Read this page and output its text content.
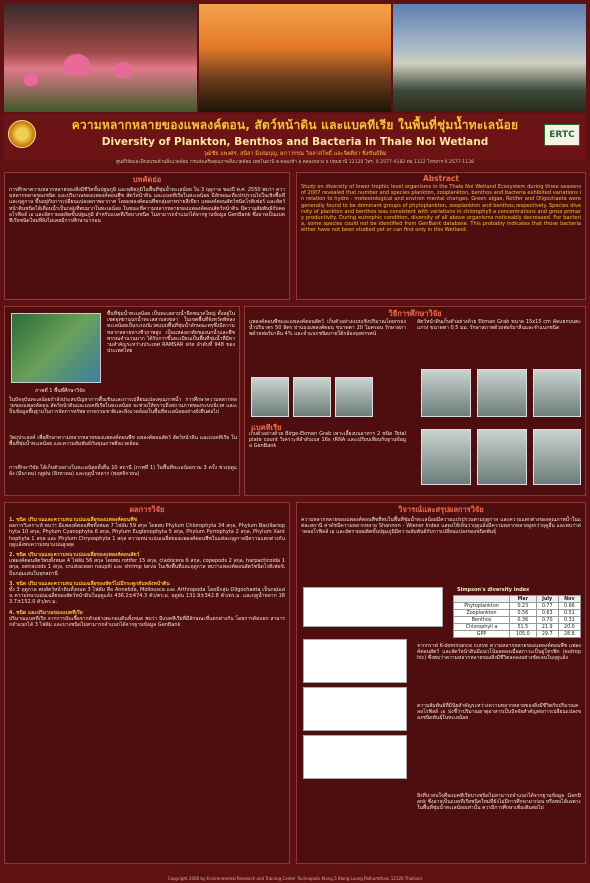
ERTC
ความหลากหลายของแพลงค์ตอน, สัตว์หน้าดิน และแบคทีเรีย ในพื้นที่ชุ่มน้ำทะเลน้อย
Diversity of Plankton, Benthos and Bacteria in Thale Noi Wetland
วุฒิชัย แพงศร, สุนิสา มิ่งสมบุญ, ผกาวรรณ วิลลาสโพธิ์ และจิตติยา ชิ่งขันธ์พิม
ศูนย์วิจัยและฝึกอบรมด้านสิ่งแวดล้อม กรมส่งเสริมคุณภาพสิ่งแวดล้อม เทคโนธานี ต.คลองห้า อ.คลองหลวง จ.ปทุมธานี 12120 โทร. 0-2577-4182 ต่อ 1122 โทรสาร 0-2577-1138
บทคัดย่อ
การศึกษาความหลากหลายของสิ่งมีชีวิตขั้นปฐมภูมิ และทุติยภูมิในพื้นที่ชุ่มน้ำทะเลน้อย ใน 3 ฤดูกาล ของปี พ.ศ. 2550 พบว่า ความหลากหลายของชนิด และปริมาณของแพลงค์ตอนพืช สัตว์หน้าดิน และแบคทีเรียในทะเลน้อย มีลักษณะที่แปรปรวนไปในเชิงพื้นที่และฤดูกาล ขึ้นอยู่กับการเปลี่ยนแปลงสภาพอากาศ โดยแพลงค์ตอนพืชกลุ่มสาหร่ายสีเขียว แพลงค์ตอนสัตว์ชนิดโรติเฟอร์ และสัตว์หน้าดินชนิดไส้เดือนน้ำเป็นกลุ่มที่พบมากในทะเลน้อย ในขณะที่ความหลากหลายของแพลงค์ตอนสัตว์หน้าดิน มีความสัมพันธ์กับคลอโรฟิลล์ เอ และอัตราผลผลิตขั้นปฐมภูมิ สำหรับแบคทีเรียบางชนิด ไม่สามารถจำแนกได้จากฐานข้อมูล GenBank ซึ่งอาจเป็นแบคทีเรียชนิดใหม่ที่ยังไม่เคยมีการศึกษามาก่อน
Abstract
Study on diversity of lower trophic level organisms in the Thale Noi Wetland Ecosystem during three seasons of 2007 revealed that number and species plankton, zooplankton, benthos and bacteria exhibited variations in relation to hydro - meteorological and environ mental changes. Green algae, Rotifer and Oligochaeta were generally found to be dominant groups of phytoplankton, zooplankton and benthos,respectively. Species diversity of plankton and benthos was consistent with variations in chlorophyll a concentrations and gross primary productivity. During eutrophic condition, diversity of all above organisms noticeably decreased. For bacteria, some species could not be identified from GenBank database. This probably indicates that those bacteria either have not been studied yet or can find only in this Wetland.
พื้นที่ชุ่มน้ำทะเลน้อย เป็นทะเลสาบน้ำจืดขนาดใหญ่ ตั้งอยู่ในเขตอุทยานนกน้ำทะเลสาบสงขลา ในเขตพื้นที่จังหวัดพัทลุง ทะเลน้อยเป็นระบบนิเวศแบบพื้นที่ชุ่มน้ำลักษณะพรุซึ่งมีความหลากหลายทางชีวภาพสูง เป็นแหล่งอาศัยของนกน้ำและพืชพรรณจำนวนมาก ได้รับการขึ้นทะเบียนเป็นพื้นที่ชุ่มน้ำที่มีความสำคัญระหว่างประเทศ RAMSAR site ลำดับที่ 948 ของประเทศไทย
ภาพที่ 1 พื้นที่ศึกษาวิจัย
ในปัจจุบันทะเลน้อยกำลังประสบปัญหาการตื้นเขินและการเปลี่ยนแปลงคุณภาพน้ำ การศึกษาความหลากหลายของแพลงค์ตอน สัตว์หน้าดินและแบคทีเรียในทะเลน้อย จะช่วยให้ทราบถึงสถานภาพของระบบนิเวศ และเป็นข้อมูลพื้นฐานในการจัดการทรัพยากรธรรมชาติและสิ่งแวดล้อมในพื้นที่ทะเลน้อยอย่างยั่งยืนต่อไป
วัตถุประสงค์ เพื่อศึกษาความหลากหลายของแพลงค์ตอนพืช แพลงค์ตอนสัตว์ สัตว์หน้าดิน และแบคทีเรีย ในพื้นที่ชุ่มน้ำทะเลน้อย และความสัมพันธ์กับคุณภาพสิ่งแวดล้อม
การศึกษาวิจัย ได้เก็บตัวอย่างในทะเลน้อยทั้งสิ้น 10 สถานี (ภาพที่ 1) ในพื้นที่ทะเลน้อยรวม 3 ครั้ง ช่วงฤดูแล้ง (มีนาคม) ฤดูฝน (สิงหาคม) และฤดูน้ำหลาก (พฤศจิกายน)
วิธีการศึกษาวิจัย
แพลงค์ตอนพืชและแพลงค์ตอนสัตว์ เก็บตัวอย่างแบบเชิงปริมาณโดยกรองน้ำปริมาตร 50 ลิตร ผ่านถุงแพลงค์ตอน ขนาดตา 20 ไมครอน รักษาสภาพด้วยฟอร์มาลีน 4% และจำแนกชนิดภายใต้กล้องจุลทรรศน์
สัตว์หน้าดินเก็บตัวอย่างด้วย Ekman Grab ขนาด 15x15 cm คัดแยกบนตะแกรง ขนาดตา 0.5 มม. รักษาสภาพด้วยฟอร์มาลีนและจำแนกชนิด
แบคทีเรีย
เก็บตัวอย่างด้วย Birge-Ekman Grab เพาะเลี้ยงบนอาหาร 2 ชนิด Total plate count วิเคราะห์ลำดับเบส 16s rRNA และเปรียบเทียบกับฐานข้อมูล GenBank
ผลการวิจัย
1. ชนิด ปริมาณและความหนาแน่นเฉลี่ยของแพลงค์ตอนพืช
ผลการวิเคราะห์ พบว่า มีแพลงค์ตอนพืชทั้งหมด 7 ไฟลัม 59 สกุล โดยพบ Phylum Chlorophyta 34 สกุล, Phylum Bacillariophyta 10 สกุล, Phylum Cyanophyta 6 สกุล, Phylum Euglenophyta 5 สกุล, Phylum Pyrrophyta 2 สกุล, Phylum Xanthophyta 1 สกุล และ Phylum Chrysophyta 1 สกุล ความหนาแน่นเฉลี่ยของแพลงค์ตอนพืชในแต่ละฤดูกาลมีความแตกต่างกัน ฤดูแล้งพบความหนาแน่นสูงสุด
2. ชนิด ปริมาณและความหนาแน่นเฉลี่ยของแพลงค์ตอนสัตว์
แพลงค์ตอนสัตว์พบทั้งหมด 4 ไฟลัม 56 สกุล โดยพบ rotifer 15 สกุล, cladocera 6 สกุล, copepods 2 สกุล, harpacticoida 1 สกุล, ostracods 1 สกุล, crustacean nauplii และ shrimp larva ในเชิงพื้นที่และฤดูกาล พบว่าแพลงค์ตอนสัตว์ชนิดโรติเฟอร์เป็นกลุ่มเด่นในทุกสถานี
3. ชนิด ปริมาณและความหนาแน่นเฉลี่ยของสัตว์ไม่มีกระดูกสันหลังหน้าดิน
ทั้ง 3 ฤดูกาล พบสัตว์หน้าดินทั้งหมด 3 ไฟลัม คือ Annelida, Mollousca และ Arthropoda โดยมีกลุ่ม Oligochaeta เป็นกลุ่มเด่น ความหนาแน่นเฉลี่ยของสัตว์หน้าดินในฤดูแล้ง 436.2±474.3 ตัว/ตร.ม. ฤดูฝน 131.9±342.8 ตัว/ตร.ม. และฤดูน้ำหลาก 183.7±152.0 ตัว/ตร.ม.
4. ชนิด และปริมาณของแบคทีเรีย
ปริมาณแบคทีเรีย จากการนับเชื้อจากตัวอย่างตะกอนดินทั้งหมด พบว่า มีแบคทีเรียที่มีลักษณะที่แตกต่างกัน โดยการคัดแยก สามารถจำแนกได้ 3 ไฟลัม และบางชนิดไม่สามารถจำแนกได้จากฐานข้อมูล GenBank
วิจารณ์และสรุปผลการวิจัย
ความหลากหลายของแพลงค์ตอนพืชที่พบในพื้นที่ชุ่มน้ำทะเลน้อยมีความแปรปรวนตามฤดูกาล และความแตกต่างของคุณภาพน้ำในแต่ละสถานี ค่าดัชนีความหลากหลาย Shannon - Wiener Index แสดงให้เห็นว่าฤดูแล้งมีความหลากหลายสูงกว่าฤดูอื่น และพบว่าค่าคลอโรฟิลล์ เอ และอัตราผลผลิตขั้นปฐมภูมิมีความสัมพันธ์กับการเปลี่ยนแปลงของชนิดพันธุ์
Simpson's diversity index
	Mar	July	Nov
Phytoplankton	0.23	0.77	0.66
Zooplankton	0.56	0.63	0.51
Benthos	0.36	0.70	0.31
Chlorophyll a	51.5	21.9	20.0
GPP	105.0	29.7	28.8
จากกราฟ K-dominance curve ความหลากหลายของแพลงค์ตอนพืช แพลงค์ตอนสัตว์ และสัตว์หน้าดินมีแนวโน้มลดลงเมื่อสภาวะเป็นยูโทรฟิก (eutrophic) ซึ่งพบว่าความหลากหลายของสิ่งมีชีวิตลดลงอย่างชัดเจนในฤดูแล้ง
ความสัมพันธ์ที่มีนัยสำคัญระหว่างความหลากหลายของสิ่งมีชีวิตกับปริมาณคลอโรฟิลล์ เอ บ่งชี้ว่าปริมาณธาตุอาหารเป็นปัจจัยสำคัญต่อการเปลี่ยนแปลงของชนิดพันธุ์ในทะเลน้อย
สิ่งที่น่าสนใจคือแบคทีเรียบางชนิดไม่สามารถจำแนกได้จากฐานข้อมูล GenBank ซึ่งอาจเป็นแบคทีเรียชนิดใหม่ที่ยังไม่มีการศึกษามาก่อน หรือพบได้เฉพาะในพื้นที่ชุ่มน้ำทะเลน้อยเท่านั้น ควรมีการศึกษาเพิ่มเติมต่อไป
Copyright 2008 by Environmental Research and Training Center Technopolis Klong 5 Klong Luang Pathumthani 12120 Thailand
